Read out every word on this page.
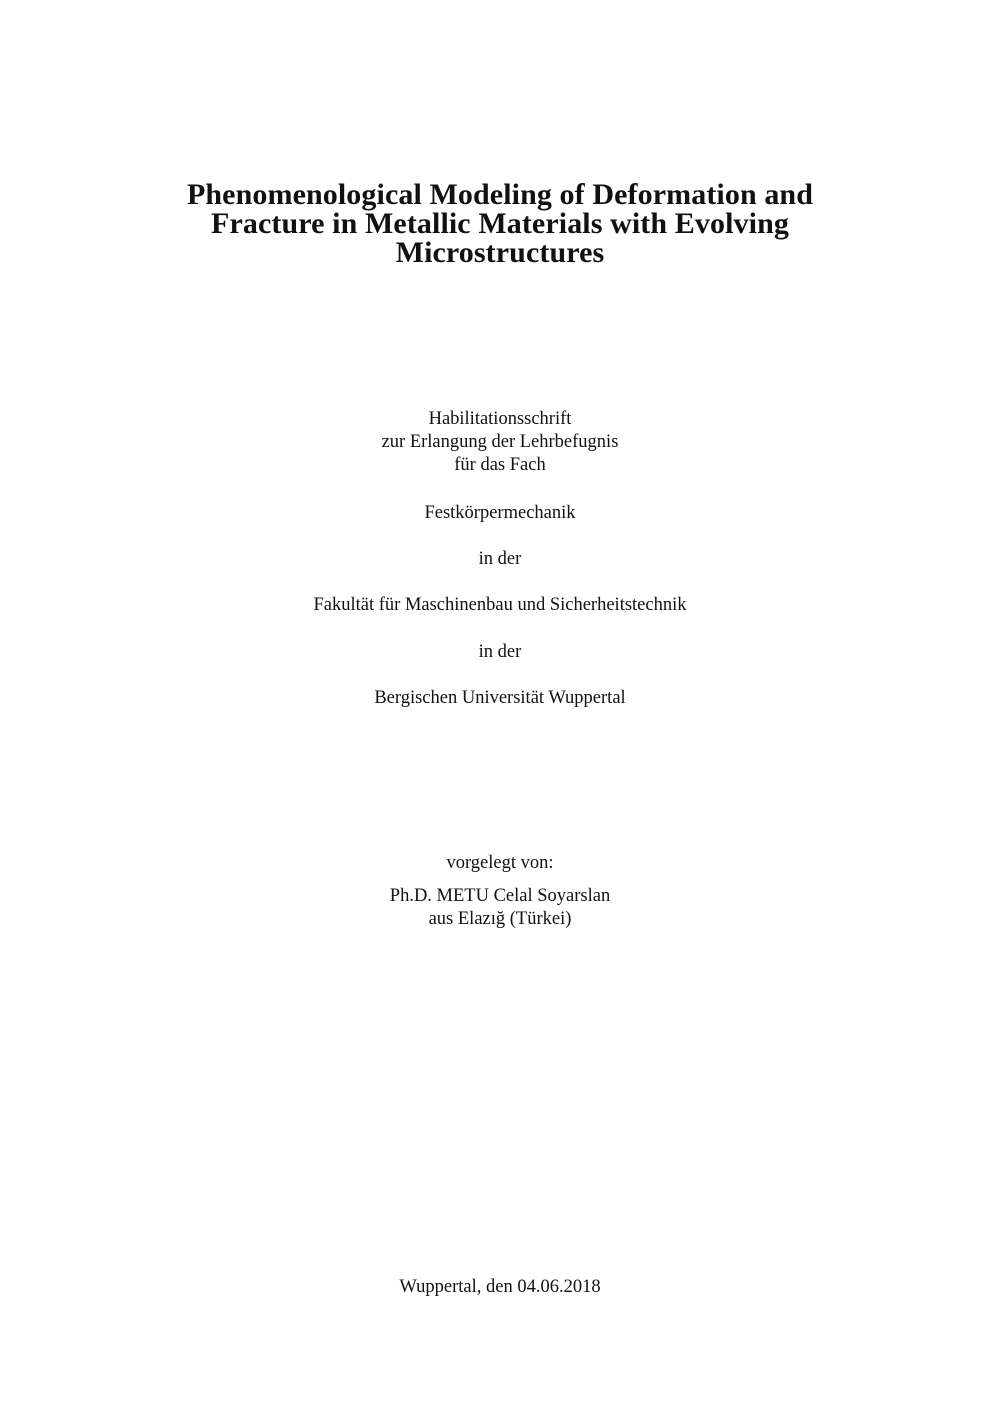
Phenomenological Modeling of Deformation and
Fracture in Metallic Materials with Evolving
Microstructures
Habilitationsschrift
zur Erlangung der Lehrbefugnis
für das Fach
Festkörpermechanik
in der
Fakultät für Maschinenbau und Sicherheitstechnik
in der
Bergischen Universität Wuppertal
vorgelegt von:
Ph.D. METU Celal Soyarslan
aus Elazığ (Türkei)
Wuppertal, den 04.06.2018
